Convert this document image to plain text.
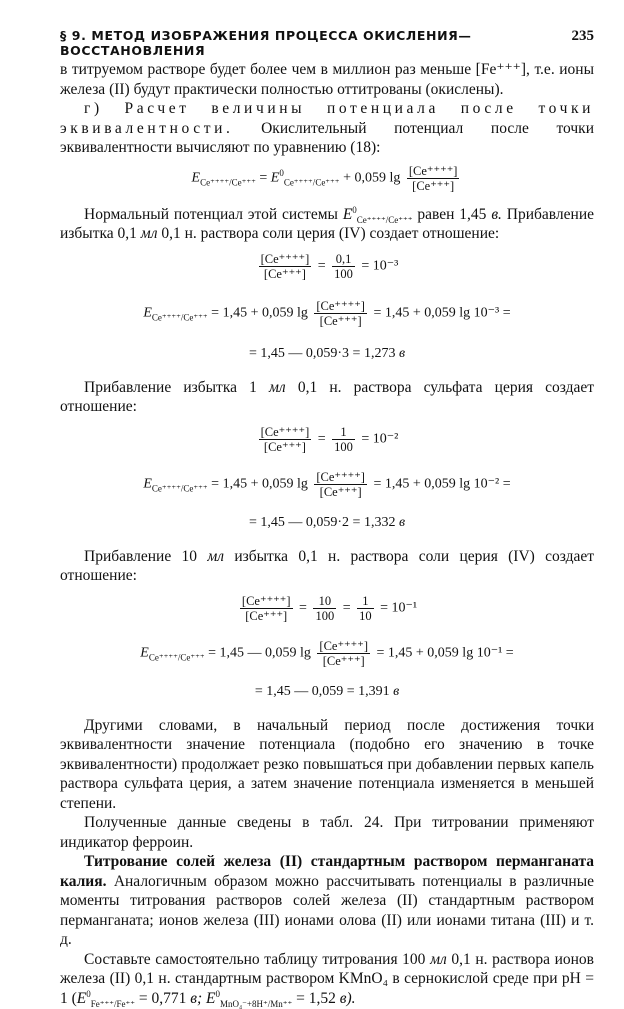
§ 9. МЕТОД ИЗОБРАЖЕНИЯ ПРОЦЕССА ОКИСЛЕНИЯ—ВОССТАНОВЛЕНИЯ
235

в титруемом растворе будет более чем в миллион раз меньше [Fe⁺⁺⁺], т.е. ионы железа (II) будут практически полностью оттитрованы (окислены).

г) Расчет величины потенциала после точки эквивалентности. Окислительный потенциал после точки эквивалентности вычисляют по уравнению (18):

$E_{Ce^{++++}/Ce^{+++}} = E^0_{Ce^{++++}/Ce^{+++}} + 0,059$ $\lg \frac{[Ce^{++++}]}{[Ce^{+++}]}$

Нормальный потенциал этой системы $E^0_{Ce^{++++}/Ce^{+++}}$ равен 1,45 в. Прибавление избытка 0,1 мл 0,1 н. раствора соли церия (IV) создает отношение:

$\frac{[Ce^{++++}]}{[Ce^{+++}]} = \frac{0,1}{100} = 10^{-3}$
$E_{Ce^{++++}/Ce^{+++}} = 1,45 + 0,059$ $\lg \frac{[Ce^{++++}]}{[Ce^{+++}]} = 1,45 + 0,059$ lg 10⁻³ =
= 1,45 — 0,059·3 = 1,273 в

Прибавление избытка 1 мл 0,1 н. раствора сульфата церия создает отношение:

$\frac{[Ce^{++++}]}{[Ce^{+++}]} = \frac{1}{100} = 10^{-2}$
$E_{Ce^{++++}/Ce^{+++}} = 1,45 + 0,059$ $\lg \frac{[Ce^{++++}]}{[Ce^{+++}]} = 1,45 + 0,059$ lg 10⁻² =
= 1,45 — 0,059·2 = 1,332 в

Прибавление 10 мл избытка 0,1 н. раствора соли церия (IV) создает отношение:

$\frac{[Ce^{++++}]}{[Ce^{+++}]} = \frac{10}{100} = \frac{1}{10} = 10^{-1}$
$E_{Ce^{++++}/Ce^{+++}} = 1,45$ — 0,059 $\lg \frac{[Ce^{++++}]}{[Ce^{+++}]} = 1,45 + 0,059$ lg 10⁻¹ =
= 1,45 — 0,059 = 1,391 в

Другими словами, в начальный период после достижения точки эквивалентности значение потенциала (подобно его значению в точке эквивалентности) продолжает резко повышаться при добавлении первых капель раствора сульфата церия, а затем значение потенциала изменяется в меньшей степени.

Полученные данные сведены в табл. 24. При титровании применяют индикатор ферроин.

Титрование солей железа (II) стандартным раствором перманганата калия. Аналогичным образом можно рассчитывать потенциалы в различные моменты титрования растворов солей железа (II) стандартным раствором перманганата; ионов железа (III) ионами олова (II) или ионами титана (III) и т. д.

Составьте самостоятельно таблицу титрования 100 мл 0,1 н. раствора ионов железа (II) 0,1 н. стандартным раствором KMnO₄ в сернокислой среде при pH = 1 ($E^0_{Fe^{+++}/Fe^{++}} = 0,771$ в; $E^0_{MnO_4^-+8H^+/Mn^{++}} = 1,52$ в).
